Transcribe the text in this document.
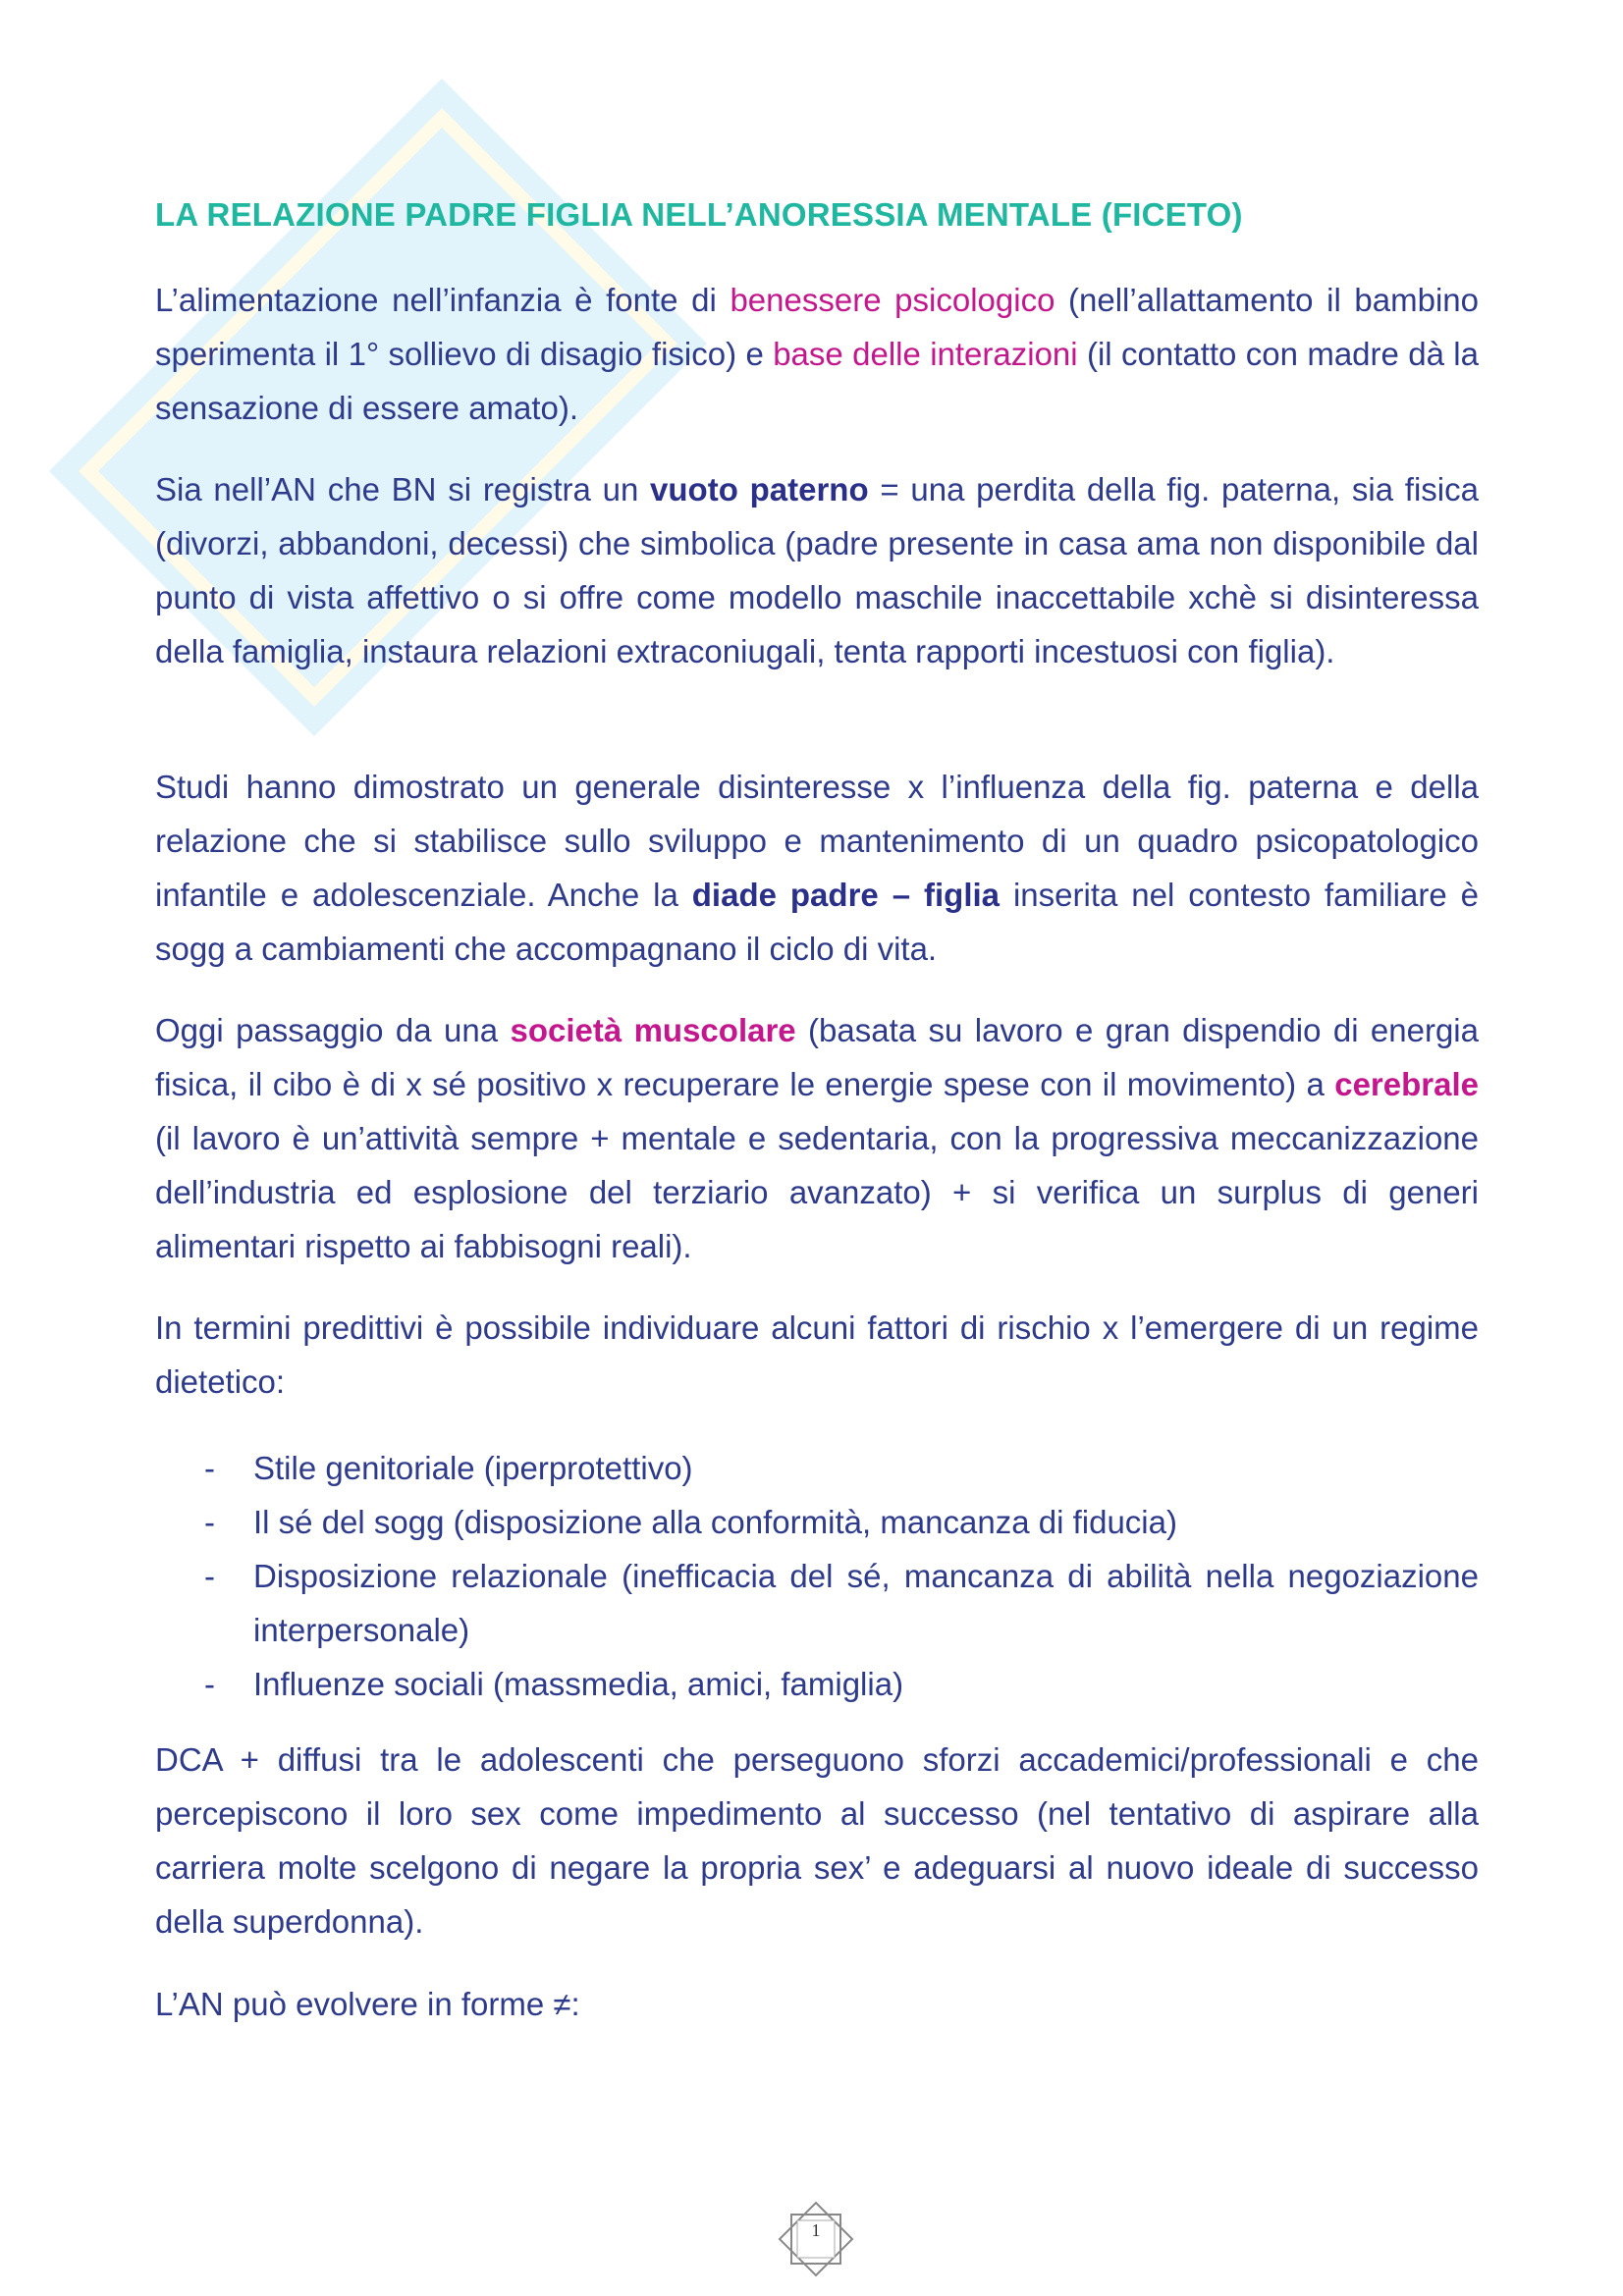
LA RELAZIONE PADRE FIGLIA NELL’ANORESSIA MENTALE (FICETO)

L’alimentazione nell’infanzia è fonte di benessere psicologico (nell’allattamento il bambino sperimenta il 1° sollievo di disagio fisico) e base delle interazioni (il contatto con madre dà la sensazione di essere amato).

Sia nell’AN che BN si registra un vuoto paterno = una perdita della fig. paterna, sia fisica (divorzi, abbandoni, decessi) che simbolica (padre presente in casa ama non disponibile dal punto di vista affettivo o si offre come modello maschile inaccettabile xchè si disinteressa della famiglia, instaura relazioni extraconiugali, tenta rapporti incestuosi con figlia).

Studi hanno dimostrato un generale disinteresse x l’influenza della fig. paterna e della relazione che si stabilisce sullo sviluppo e mantenimento di un quadro psicopatologico infantile e adolescenziale. Anche la diade padre – figlia inserita nel contesto familiare è sogg a cambiamenti che accompagnano il ciclo di vita.

Oggi passaggio da una società muscolare (basata su lavoro e gran dispendio di energia fisica, il cibo è di x sé positivo x recuperare le energie spese con il movimento) a cerebrale (il lavoro è un’attività sempre + mentale e sedentaria, con la progressiva meccanizzazione dell’industria ed esplosione del terziario avanzato) + si verifica un surplus di generi alimentari rispetto ai fabbisogni reali).

In termini predittivi è possibile individuare alcuni fattori di rischio x l’emergere di un regime dietetico:

- Stile genitoriale (iperprotettivo)
- Il sé del sogg (disposizione alla conformità, mancanza di fiducia)
- Disposizione relazionale (inefficacia del sé, mancanza di abilità nella negoziazione interpersonale)
- Influenze sociali (massmedia, amici, famiglia)

DCA + diffusi tra le adolescenti che perseguono sforzi accademici/professionali e che percepiscono il loro sex come impedimento al successo (nel tentativo di aspirare alla carriera molte scelgono di negare la propria sex’ e adeguarsi al nuovo ideale di successo della superdonna).

L’AN può evolvere in forme ≠:

1
